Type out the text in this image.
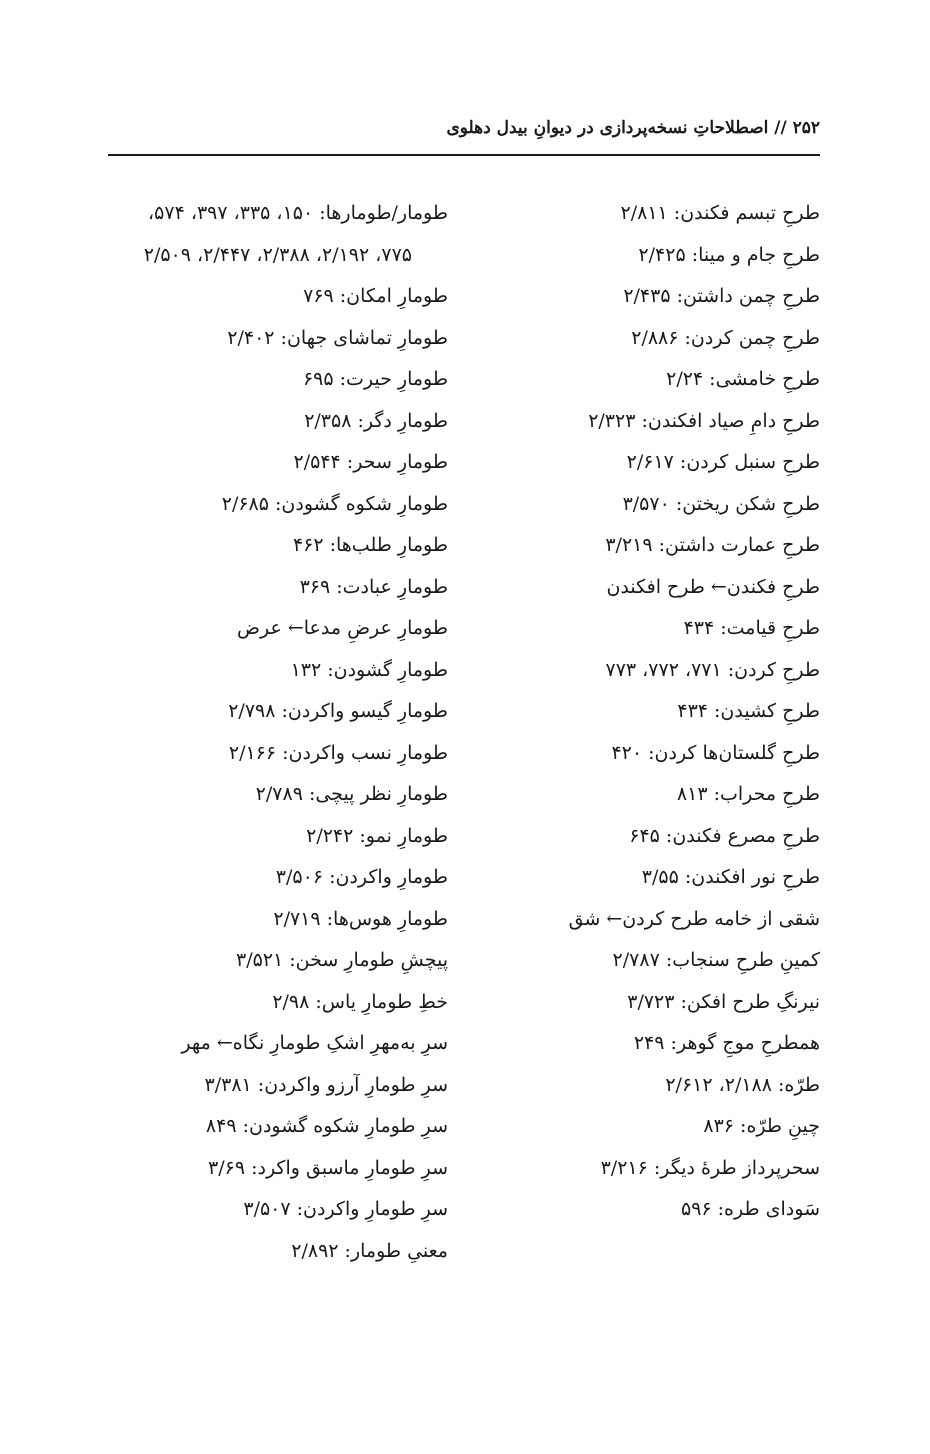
۲۵۲ // اصطلاحاتِ نسخه‌پردازی در دیوانِ بیدل دهلوی
طرحِ تبسم فکندن: ۲/۸۱۱
طرحِ جام و مینا: ۲/۴۲۵
طرحِ چمن داشتن: ۲/۴۳۵
طرحِ چمن کردن: ۲/۸۸۶
طرحِ خامشی: ۲/۲۴
طرحِ دامِ صیاد افکندن: ۲/۳۲۳
طرحِ سنبل کردن: ۲/۶۱۷
طرحِ شکن ریختن: ۳/۵۷۰
طرحِ عمارت داشتن: ۳/۲۱۹
طرحِ فکندن← طرح افکندن
طرحِ قیامت: ۴۳۴
طرحِ کردن: ۷۷۱، ۷۷۲، ۷۷۳
طرحِ کشیدن: ۴۳۴
طرحِ گلستان‌ها کردن: ۴۲۰
طرحِ محراب: ۸۱۳
طرحِ مصرع فکندن: ۶۴۵
طرحِ نور افکندن: ۳/۵۵
شقی از خامه طرح کردن← شق
کمینِ طرحِ سنجاب: ۲/۷۸۷
نیرنگِ طرح افکن: ۳/۷۲۳
همطرحِ موجِ گوهر: ۲۴۹
طرّه: ۲/۱۸۸، ۲/۶۱۲
چینِ طرّه: ۸۳۶
سحرپرداز طرۀ دیگر: ۳/۲۱۶
سَودای طره: ۵۹۶
طومار/طومارها: ۱۵۰، ۳۳۵، ۳۹۷، ۵۷۴،
۷۷۵، ۲/۱۹۲، ۲/۳۸۸، ۲/۴۴۷، ۲/۵۰۹
طومارِ امکان: ۷۶۹
طومارِ تماشای جهان: ۲/۴۰۲
طومارِ حیرت: ۶۹۵
طومارِ دگر: ۲/۳۵۸
طومارِ سحر: ۲/۵۴۴
طومارِ شکوه گشودن: ۲/۶۸۵
طومارِ طلب‌ها: ۴۶۲
طومارِ عبادت: ۳۶۹
طومارِ عرضِ مدعا← عرض
طومارِ گشودن: ۱۳۲
طومارِ گیسو واکردن: ۲/۷۹۸
طومارِ نسب واکردن: ۲/۱۶۶
طومارِ نظر پیچی: ۲/۷۸۹
طومارِ نمو: ۲/۲۴۲
طومارِ واکردن: ۳/۵۰۶
طومارِ هوس‌ها: ۲/۷۱۹
پیچشِ طومارِ سخن: ۳/۵۲۱
خطِ طومارِ یاس: ۲/۹۸
سرِ به‌مهرِ اشکِ طومارِ نگاه← مهر
سرِ طومارِ آرزو واکردن: ۳/۳۸۱
سرِ طومارِ شکوه گشودن: ۸۴۹
سرِ طومارِ ماسبق واکرد: ۳/۶۹
سرِ طومارِ واکردن: ۳/۵۰۷
معنیِ طومار: ۲/۸۹۲
